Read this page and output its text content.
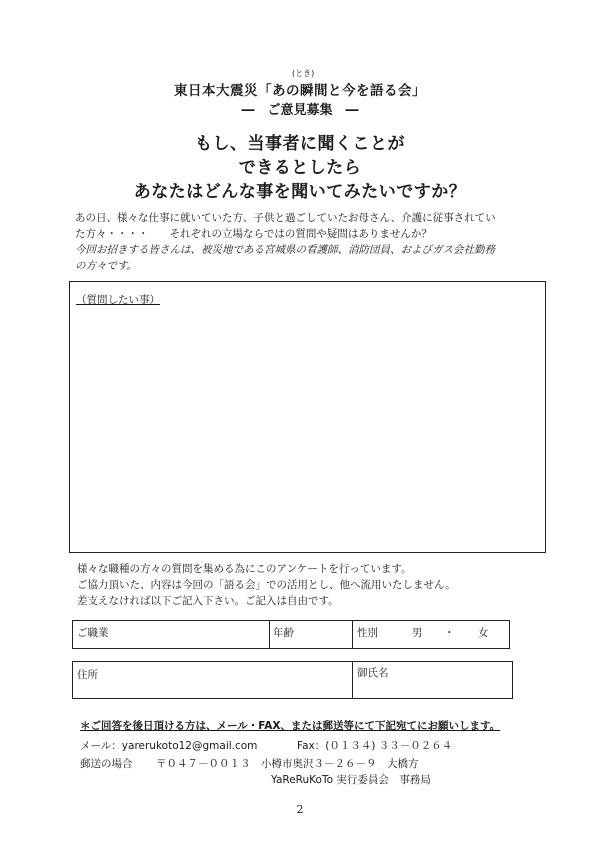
(とき)
東日本大震災「あの瞬間と今を語る会」
―　ご意見募集　―
もし、当事者に聞くことが
できるとしたら
あなたはどんな事を聞いてみたいですか？
あの日、様々な仕事に就いていた方、子供と過ごしていたお母さん、介護に従事されてい
た方々・・・・　　それぞれの立場ならではの質問や疑問はありませんか？
今回お招きする皆さんは、被災地である宮城県の看護師、消防団員、およびガス会社勤務
の方々です。
（質問したい事）
様々な職種の方々の質問を集める為にこのアンケートを行っています。
ご協力頂いた、内容は今回の「語る会」での活用とし、他へ流用いたしません。
差支えなければ以下ご記入下さい。ご記入は自由です。
ご職業	年齢	性別	男 ・ 女
住所	御氏名
＊ご回答を後日頂ける方は、メール・FAX、または郵送等にて下記宛てにお願いします。
メール：yarerukoto12@gmail.com	Fax：(０１３４) ３３－０２６４
郵送の場合 〒０４７－００１３　小樽市奥沢３－２６－９　大橋方
YaReRuKoTo 実行委員会　事務局
2
